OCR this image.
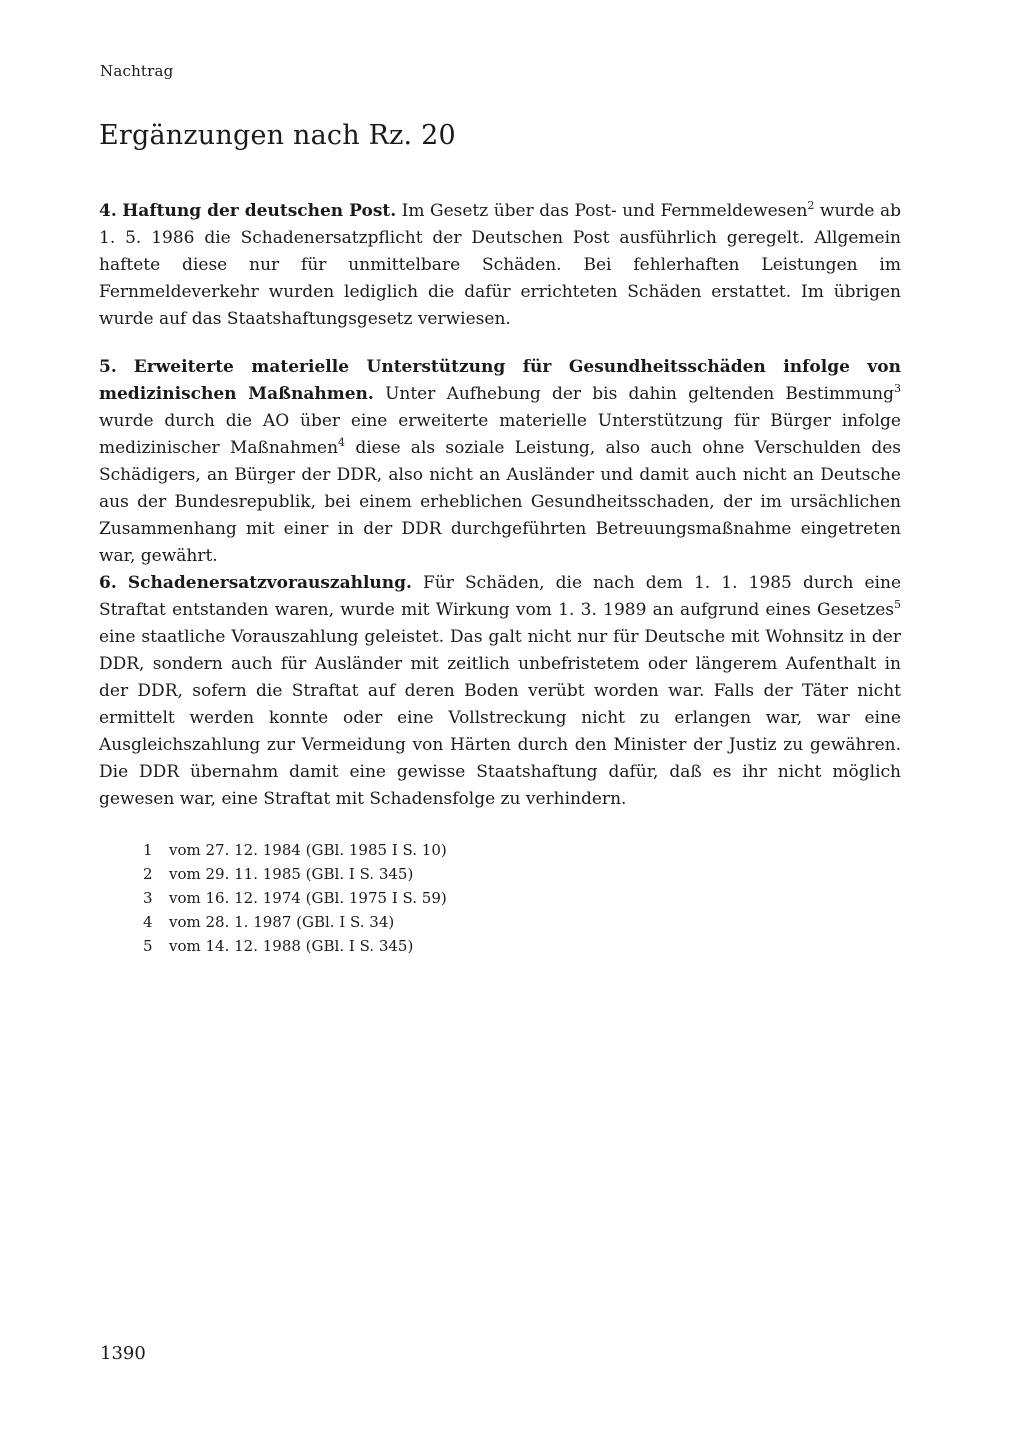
Nachtrag
Ergänzungen nach Rz. 20

4. Haftung der deutschen Post. Im Gesetz über das Post- und Fernmeldewesen$^2$ wurde ab 1. 5. 1986 die Schadenersatzpflicht der Deutschen Post ausführlich geregelt. Allgemein haftete diese nur für unmittelbare Schäden. Bei fehlerhaften Leistungen im Fernmeldeverkehr wurden lediglich die dafür errichteten Schäden erstattet. Im übrigen wurde auf das Staatshaftungsgesetz verwiesen.

5. Erweiterte materielle Unterstützung für Gesundheitsschäden infolge von medizinischen Maßnahmen. Unter Aufhebung der bis dahin geltenden Bestimmung$^3$ wurde durch die AO über eine erweiterte materielle Unterstützung für Bürger infolge medizinischer Maßnahmen$^4$ diese als soziale Leistung, also auch ohne Verschulden des Schädigers, an Bürger der DDR, also nicht an Ausländer und damit auch nicht an Deutsche aus der Bundesrepublik, bei einem erheblichen Gesundheitsschaden, der im ursächlichen Zusammenhang mit einer in der DDR durchgeführten Betreuungsmaßnahme eingetreten war, gewährt.

6. Schadenersatzvorauszahlung. Für Schäden, die nach dem 1. 1. 1985 durch eine Straftat entstanden waren, wurde mit Wirkung vom 1. 3. 1989 an aufgrund eines Gesetzes$^5$ eine staatliche Vorauszahlung geleistet. Das galt nicht nur für Deutsche mit Wohnsitz in der DDR, sondern auch für Ausländer mit zeitlich unbefristetem oder längerem Aufenthalt in der DDR, sofern die Straftat auf deren Boden verübt worden war. Falls der Täter nicht ermittelt werden konnte oder eine Vollstreckung nicht zu erlangen war, war eine Ausgleichszahlung zur Vermeidung von Härten durch den Minister der Justiz zu gewähren. Die DDR übernahm damit eine gewisse Staatshaftung dafür, daß es ihr nicht möglich gewesen war, eine Straftat mit Schadensfolge zu verhindern.

1	vom 27. 12. 1984 (GBl. 1985 I S. 10)
2	vom 29. 11. 1985 (GBl. I S. 345)
3	vom 16. 12. 1974 (GBl. 1975 I S. 59)
4	vom 28. 1. 1987 (GBl. I S. 34)
5	vom 14. 12. 1988 (GBl. I S. 345)
1390
